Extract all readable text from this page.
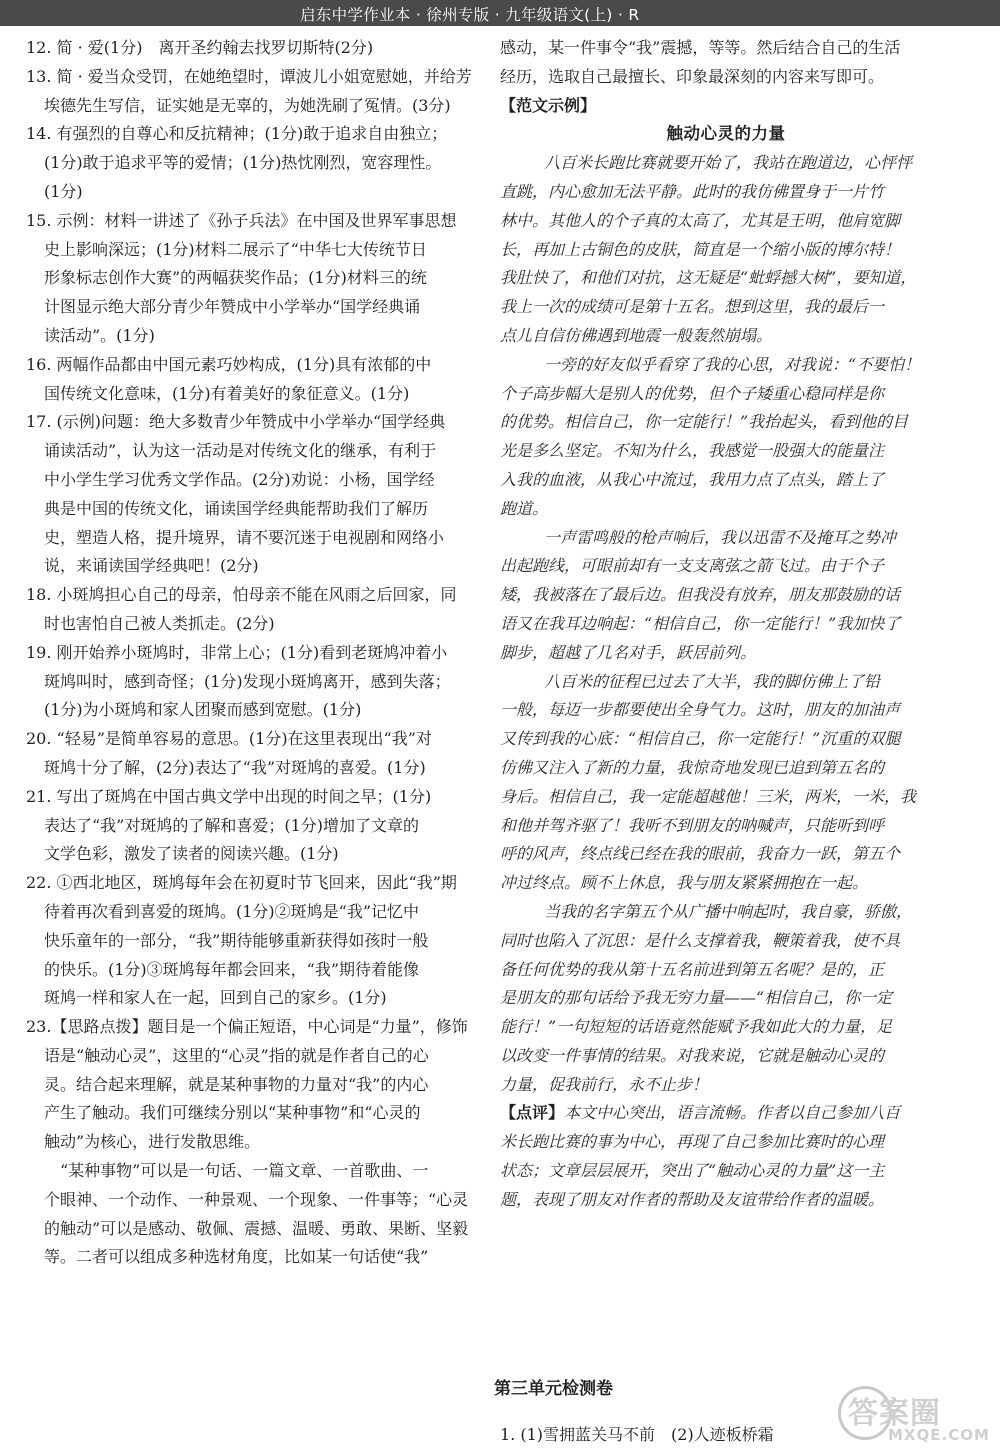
启东中学作业本 · 徐州专版 · 九年级语文(上) · R
12. 简 · 爱(1分)　离开圣约翰去找罗切斯特(2分)
13. 简 · 爱当众受罚，在她绝望时，谭波儿小姐宽慰她，并给芳
埃德先生写信，证实她是无辜的，为她洗刷了冤情。(3分)
14. 有强烈的自尊心和反抗精神；(1分)敢于追求自由独立；
(1分)敢于追求平等的爱情；(1分)热忱刚烈，宽容理性。
(1分)
15. 示例：材料一讲述了《孙子兵法》在中国及世界军事思想
史上影响深远；(1分)材料二展示了“中华七大传统节日
形象标志创作大赛”的两幅获奖作品；(1分)材料三的统
计图显示绝大部分青少年赞成中小学举办“国学经典诵
读活动”。(1分)
16. 两幅作品都由中国元素巧妙构成，(1分)具有浓郁的中
国传统文化意味，(1分)有着美好的象征意义。(1分)
17. (示例)问题：绝大多数青少年赞成中小学举办“国学经典
诵读活动”，认为这一活动是对传统文化的继承，有利于
中小学生学习优秀文学作品。(2分)劝说：小杨，国学经
典是中国的传统文化，诵读国学经典能帮助我们了解历
史，塑造人格，提升境界，请不要沉迷于电视剧和网络小
说，来诵读国学经典吧！(2分)
18. 小斑鸠担心自己的母亲，怕母亲不能在风雨之后回家，同
时也害怕自己被人类抓走。(2分)
19. 刚开始养小斑鸠时，非常上心；(1分)看到老斑鸠冲着小
斑鸠叫时，感到奇怪；(1分)发现小斑鸠离开，感到失落；
(1分)为小斑鸠和家人团聚而感到宽慰。(1分)
20. “轻易”是简单容易的意思。(1分)在这里表现出“我”对
斑鸠十分了解，(2分)表达了“我”对斑鸠的喜爱。(1分)
21. 写出了斑鸠在中国古典文学中出现的时间之早；(1分)
表达了“我”对斑鸠的了解和喜爱；(1分)增加了文章的
文学色彩，激发了读者的阅读兴趣。(1分)
22. ①西北地区，斑鸠每年会在初夏时节飞回来，因此“我”期
待着再次看到喜爱的斑鸠。(1分)②斑鸠是“我”记忆中
快乐童年的一部分，“我”期待能够重新获得如孩时一般
的快乐。(1分)③斑鸠每年都会回来，“我”期待着能像
斑鸠一样和家人在一起，回到自己的家乡。(1分)
23.【思路点拨】题目是一个偏正短语，中心词是“力量”，修饰
语是“触动心灵”，这里的“心灵”指的就是作者自己的心
灵。结合起来理解，就是某种事物的力量对“我”的内心
产生了触动。我们可继续分别以“某种事物”和“心灵的
触动”为核心，进行发散思维。
“某种事物”可以是一句话、一篇文章、一首歌曲、一
个眼神、一个动作、一种景观、一个现象、一件事等；“心灵
的触动”可以是感动、敬佩、震撼、温暖、勇敢、果断、坚毅
等。二者可以组成多种选材角度，比如某一句话使“我”
感动，某一件事令“我”震撼，等等。然后结合自己的生活
经历，选取自己最擅长、印象最深刻的内容来写即可。
【范文示例】
触动心灵的力量
八百米长跑比赛就要开始了，我站在跑道边，心怦怦
直跳，内心愈加无法平静。此时的我仿佛置身于一片竹
林中。其他人的个子真的太高了，尤其是王明，他肩宽脚
长，再加上古铜色的皮肤，简直是一个缩小版的博尔特！
我肚快了，和他们对抗，这无疑是“蚍蜉撼大树”，要知道，
我上一次的成绩可是第十五名。想到这里，我的最后一
点儿自信仿佛遇到地震一般轰然崩塌。
一旁的好友似乎看穿了我的心思，对我说：“不要怕！
个子高步幅大是别人的优势，但个子矮重心稳同样是你
的优势。相信自己，你一定能行！”我抬起头，看到他的目
光是多么坚定。不知为什么，我感觉一股强大的能量注
入我的血液，从我心中流过，我用力点了点头，踏上了
跑道。
一声雷鸣般的枪声响后，我以迅雷不及掩耳之势冲
出起跑线，可眼前却有一支支离弦之箭飞过。由于个子
矮，我被落在了最后边。但我没有放弃，朋友那鼓励的话
语又在我耳边响起：“相信自己，你一定能行！”我加快了
脚步，超越了几名对手，跃居前列。
八百米的征程已过去了大半，我的脚仿佛上了铅
一般，每迈一步都要使出全身气力。这时，朋友的加油声
又传到我的心底：“相信自己，你一定能行！”沉重的双腿
仿佛又注入了新的力量，我惊奇地发现已追到第五名的
身后。相信自己，我一定能超越他！三米，两米，一米，我
和他并驾齐驱了！我听不到朋友的呐喊声，只能听到呼
呼的风声，终点线已经在我的眼前，我奋力一跃，第五个
冲过终点。顾不上休息，我与朋友紧紧拥抱在一起。
当我的名字第五个从广播中响起时，我自豪，骄傲，
同时也陷入了沉思：是什么支撑着我，鞭策着我，使不具
备任何优势的我从第十五名前进到第五名呢？是的，正
是朋友的那句话给予我无穷力量——“相信自己，你一定
能行！”一句短短的话语竟然能赋予我如此大的力量，足
以改变一件事情的结果。对我来说，它就是触动心灵的
力量，促我前行，永不止步！
【点评】本文中心突出，语言流畅。作者以自己参加八百
米长跑比赛的事为中心，再现了自己参加比赛时的心理
状态；文章层层展开，突出了“触动心灵的力量”这一主
题，表现了朋友对作者的帮助及友谊带给作者的温暖。
第三单元检测卷
1. (1)雪拥蓝关马不前　(2)人迹板桥霜
答案圈
MXQE.COM
